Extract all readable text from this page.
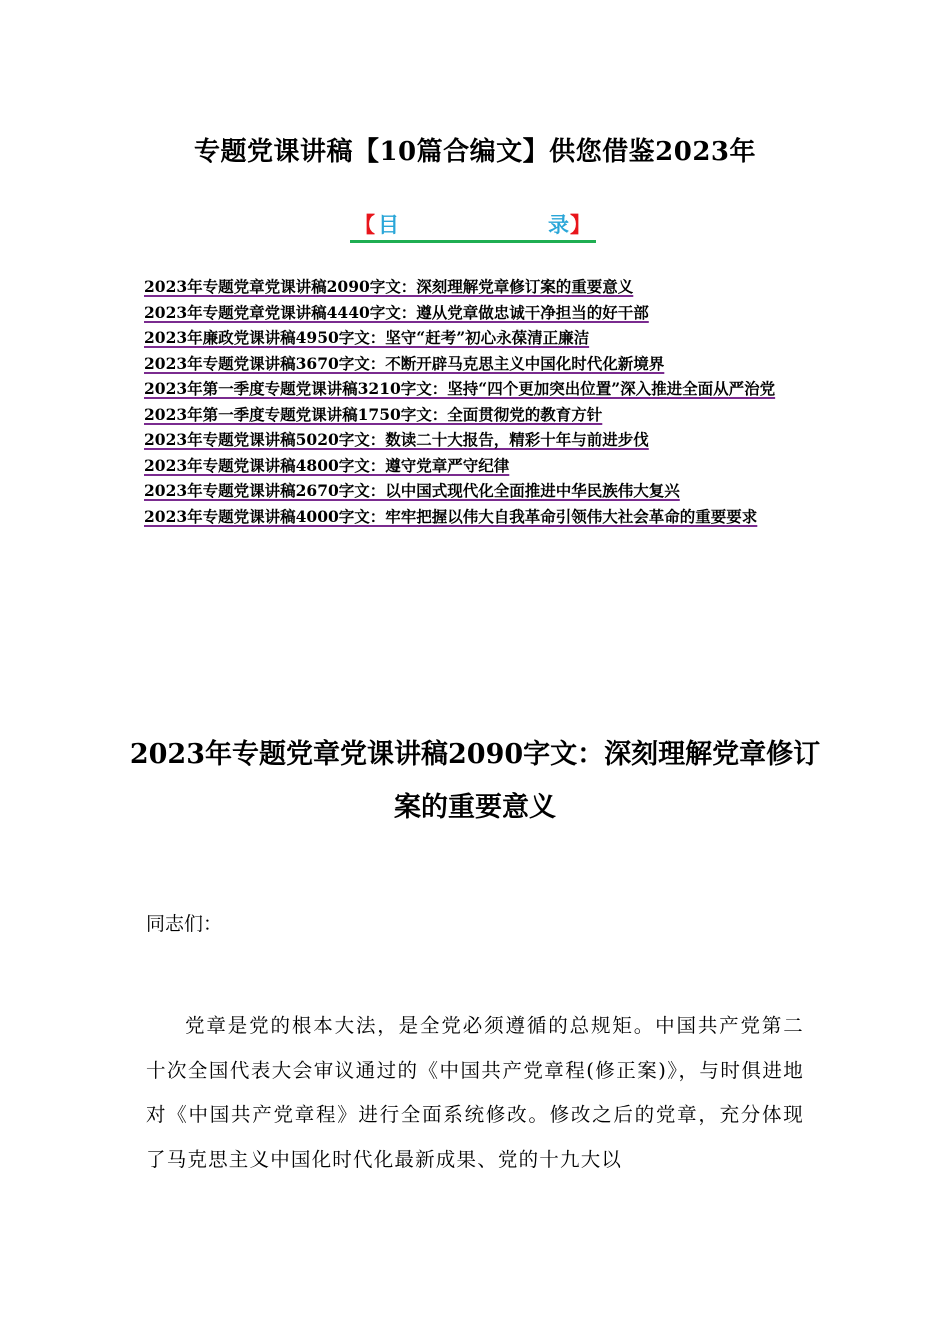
专题党课讲稿【10篇合编文】供您借鉴2023年
【 目	录 】
2023年专题党章党课讲稿2090字文：深刻理解党章修订案的重要意义
2023年专题党章党课讲稿4440字文：遵从党章做忠诚干净担当的好干部
2023年廉政党课讲稿4950字文：坚守“赶考”初心永葆清正廉洁
2023年专题党课讲稿3670字文：不断开辟马克思主义中国化时代化新境界
2023年第一季度专题党课讲稿3210字文：坚持“四个更加突出位置”深入推进全面从严治党
2023年第一季度专题党课讲稿1750字文：全面贯彻党的教育方针
2023年专题党课讲稿5020字文：数读二十大报告，精彩十年与前进步伐
2023年专题党课讲稿4800字文：遵守党章严守纪律
2023年专题党课讲稿2670字文：以中国式现代化全面推进中华民族伟大复兴
2023年专题党课讲稿4000字文：牢牢把握以伟大自我革命引领伟大社会革命的重要要求
2023年专题党章党课讲稿2090字文：深刻理解党章修订案的重要意义

同志们：

党章是党的根本大法，是全党必须遵循的总规矩。中国共产党第二十次全国代表大会审议通过的《中国共产党章程(修正案)》，与时俱进地对《中国共产党章程》进行全面系统修改。修改之后的党章，充分体现了马克思主义中国化时代化最新成果、党的十九大以
